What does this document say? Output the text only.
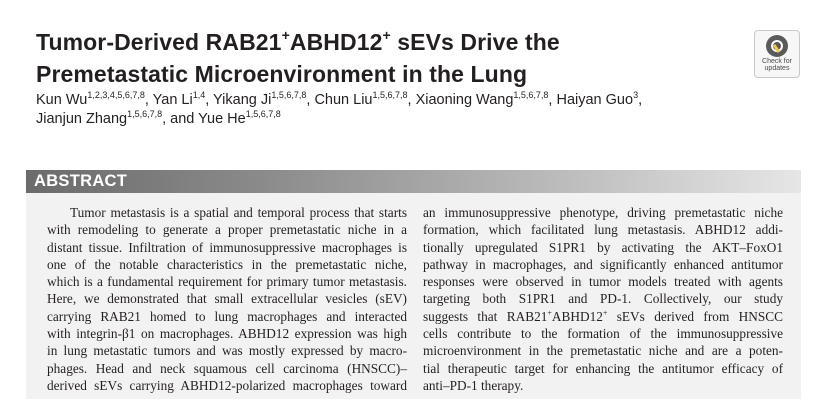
Tumor-Derived RAB21+ABHD12+ sEVs Drive the
Premetastatic Microenvironment in the Lung
Kun Wu$^{1,2,3,4,5,6,7,8}$, Yan Li$^{1,4}$, Yikang Ji$^{1,5,6,7,8}$, Chun Liu$^{1,5,6,7,8}$, Xiaoning Wang$^{1,5,6,7,8}$, Haiyan Guo$^3$,
Jianjun Zhang$^{1,5,6,7,8}$, and Yue He$^{1,5,6,7,8}$
Check for
updates
ABSTRACT
Tumor metastasis is a spatial and temporal process that starts
with remodeling to generate a proper premetastatic niche in a
distant tissue. Infiltration of immunosuppressive macrophages is
one of the notable characteristics in the premetastatic niche,
which is a fundamental requirement for primary tumor metastasis.
Here, we demonstrated that small extracellular vesicles (sEV)
carrying RAB21 homed to lung macrophages and interacted
with integrin-β1 on macrophages. ABHD12 expression was high
in lung metastatic tumors and was mostly expressed by macro-
phages. Head and neck squamous cell carcinoma (HNSCC)–
derived sEVs carrying ABHD12-polarized macrophages toward
an immunosuppressive phenotype, driving premetastatic niche
formation, which facilitated lung metastasis. ABHD12 addi-
tionally upregulated S1PR1 by activating the AKT–FoxO1
pathway in macrophages, and significantly enhanced antitumor
responses were observed in tumor models treated with agents
targeting both S1PR1 and PD-1. Collectively, our study
suggests that RAB21+ABHD12+ sEVs derived from HNSCC
cells contribute to the formation of the immunosuppressive
microenvironment in the premetastatic niche and are a poten-
tial therapeutic target for enhancing the antitumor efficacy of
anti–PD-1 therapy.
